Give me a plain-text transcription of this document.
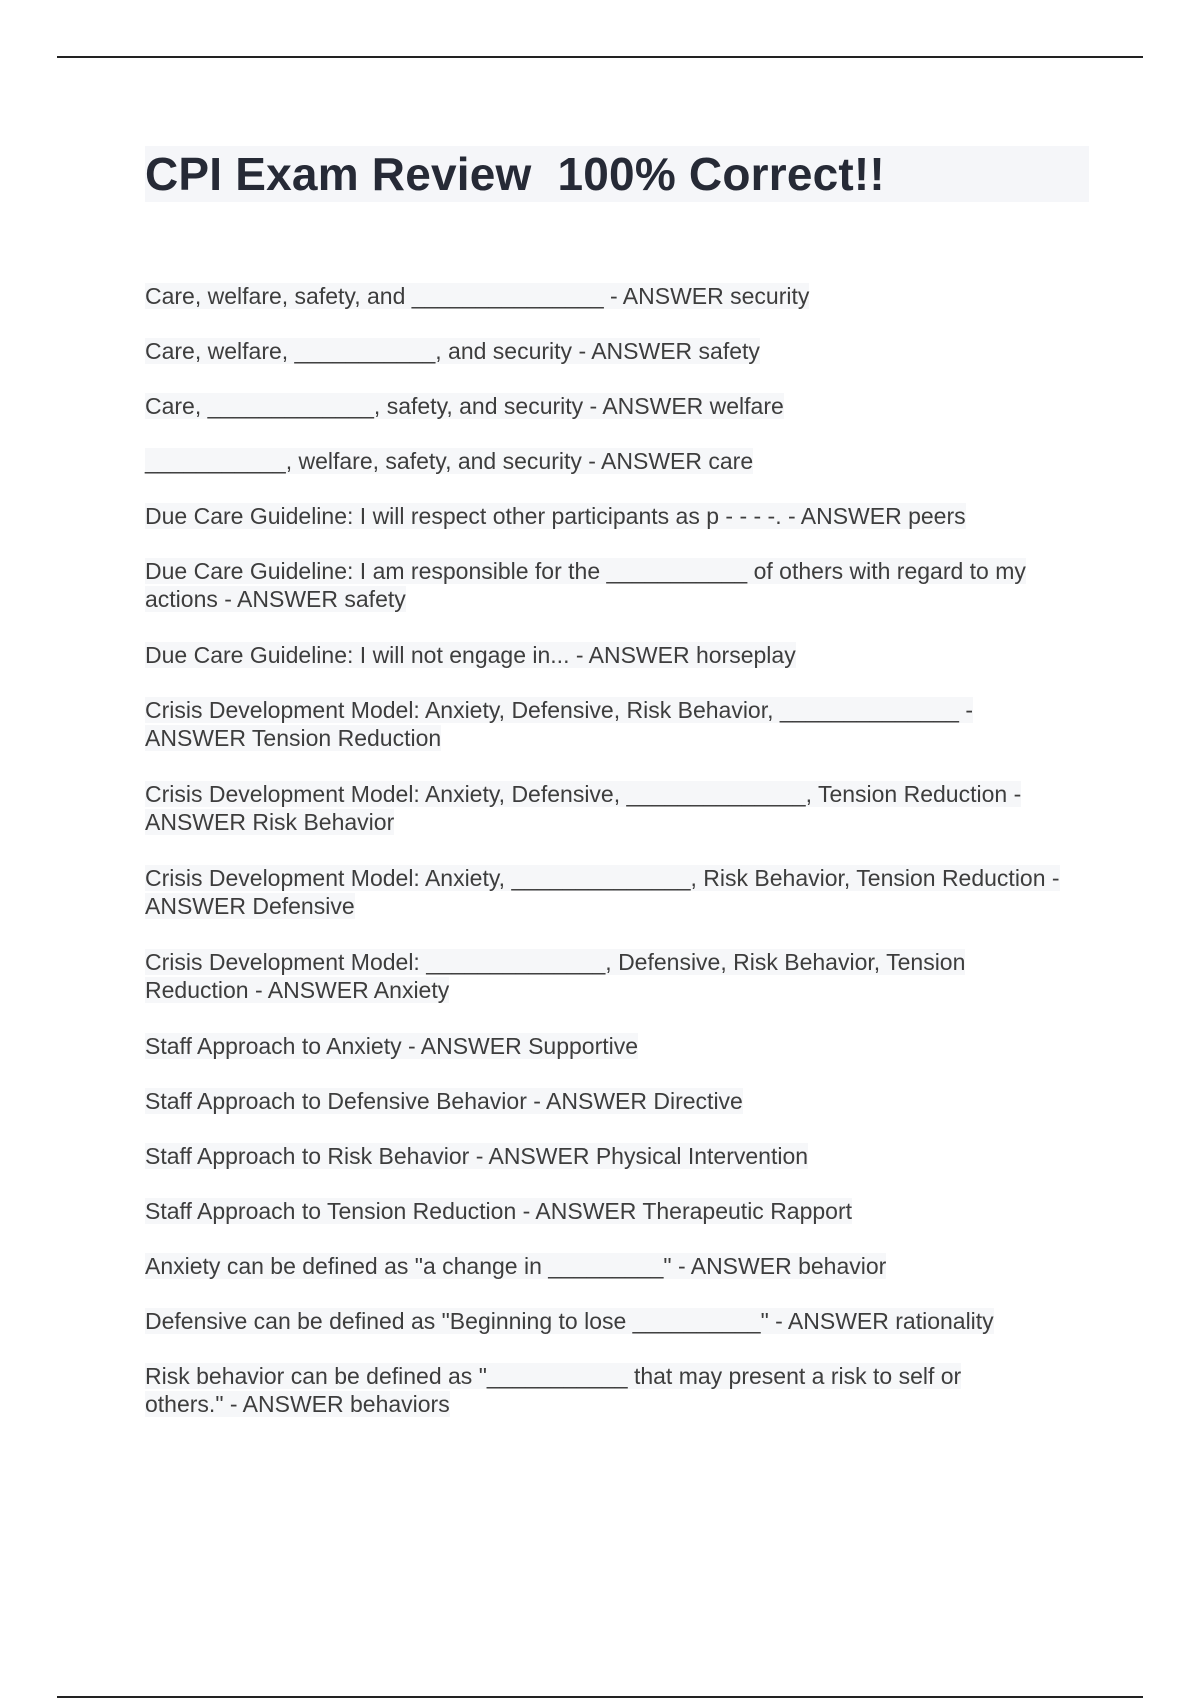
CPI Exam Review  100% Correct!!

Care, welfare, safety, and _______________ - ANSWER security

Care, welfare, ___________, and security - ANSWER safety

Care, _____________, safety, and security - ANSWER welfare

___________, welfare, safety, and security - ANSWER care

Due Care Guideline: I will respect other participants as p - - - -. - ANSWER peers

Due Care Guideline: I am responsible for the ___________ of others with regard to my actions - ANSWER safety

Due Care Guideline: I will not engage in... - ANSWER horseplay

Crisis Development Model: Anxiety, Defensive, Risk Behavior, ______________ - ANSWER Tension Reduction

Crisis Development Model: Anxiety, Defensive, ______________, Tension Reduction - ANSWER Risk Behavior

Crisis Development Model: Anxiety, ______________, Risk Behavior, Tension Reduction - ANSWER Defensive

Crisis Development Model: ______________, Defensive, Risk Behavior, Tension Reduction - ANSWER Anxiety

Staff Approach to Anxiety - ANSWER Supportive

Staff Approach to Defensive Behavior - ANSWER Directive

Staff Approach to Risk Behavior - ANSWER Physical Intervention

Staff Approach to Tension Reduction - ANSWER Therapeutic Rapport

Anxiety can be defined as "a change in _________" - ANSWER behavior

Defensive can be defined as "Beginning to lose __________" - ANSWER rationality

Risk behavior can be defined as "___________ that may present a risk to self or others." - ANSWER behaviors
